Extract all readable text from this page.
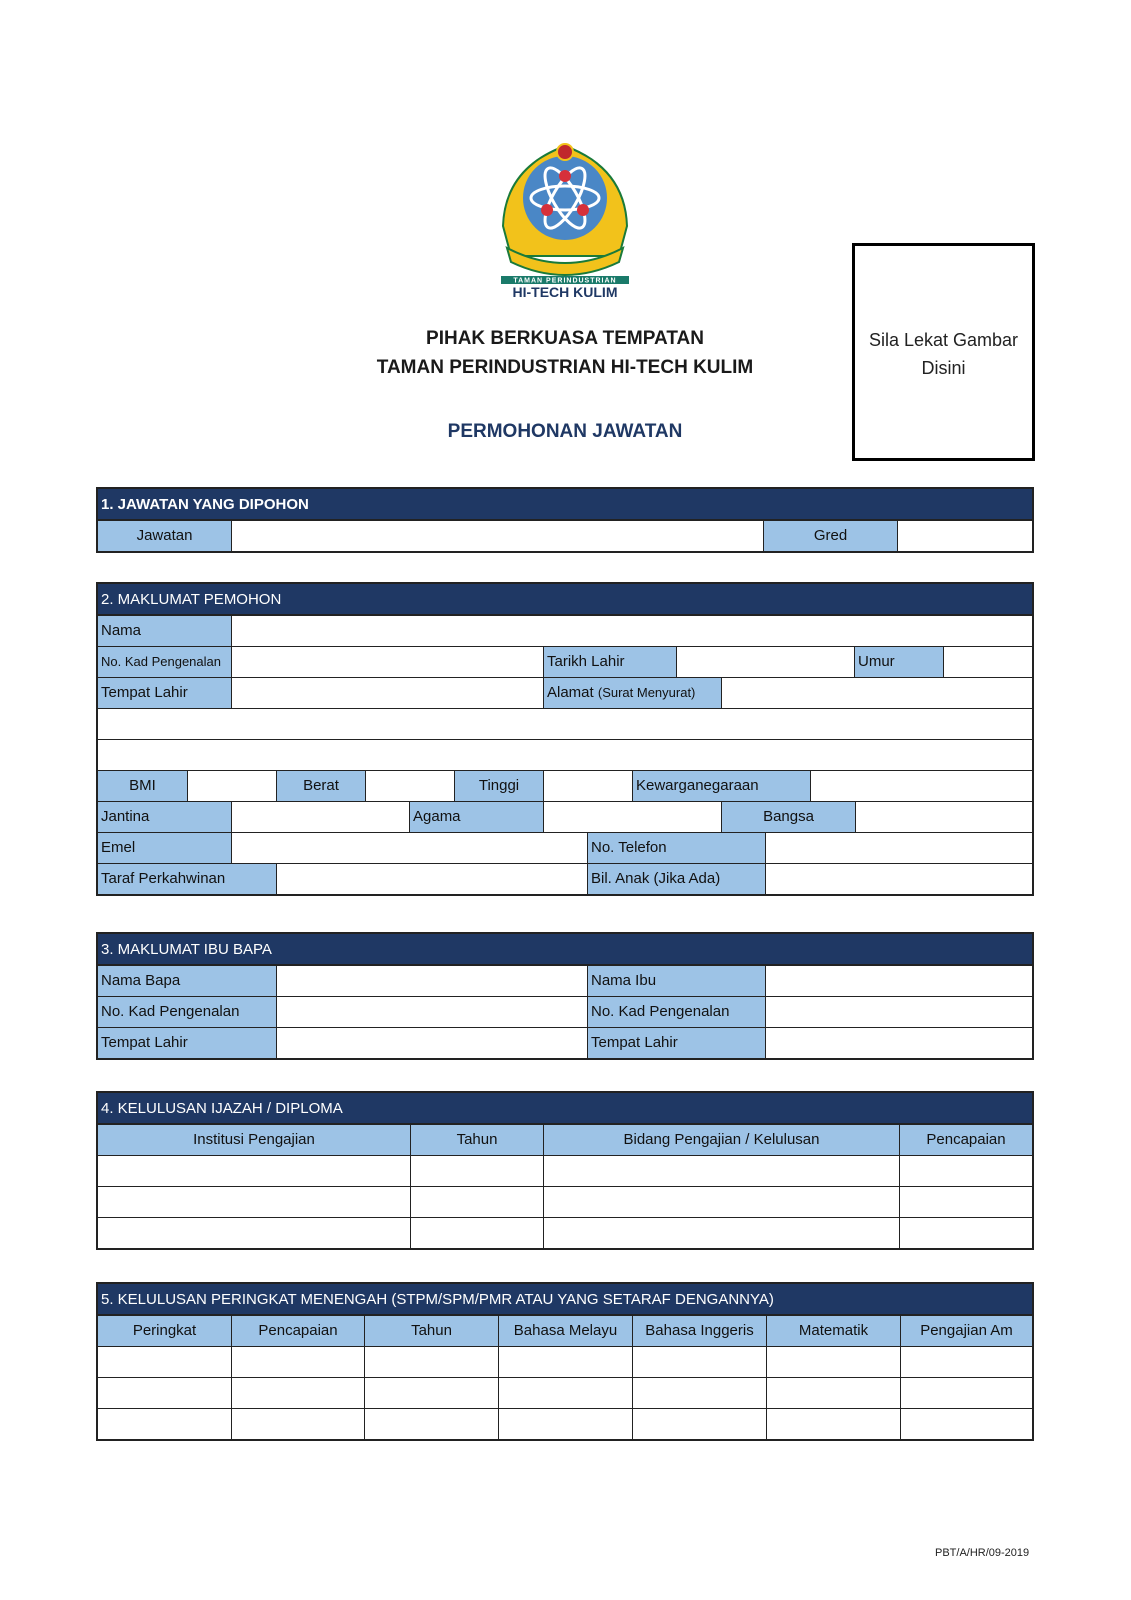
TAMAN PERINDUSTRIAN
HI-TECH KULIM
PIHAK BERKUASA TEMPATAN
TAMAN PERINDUSTRIAN HI-TECH KULIM
PERMOHONAN JAWATAN
Sila Lekat Gambar
Disini
1. JAWATAN YANG DIPOHON
Jawatan	Gred
2. MAKLUMAT PEMOHON
Nama
No. Kad Pengenalan	Tarikh Lahir	Umur
Tempat Lahir	Alamat (Surat Menyurat)
BMI	Berat	Tinggi	Kewarganegaraan
Jantina	Agama	Bangsa
Emel	No. Telefon
Taraf Perkahwinan	Bil. Anak (Jika Ada)
3. MAKLUMAT IBU BAPA
Nama Bapa	Nama Ibu
No. Kad Pengenalan	No. Kad Pengenalan
Tempat Lahir	Tempat Lahir
4. KELULUSAN IJAZAH / DIPLOMA
Institusi Pengajian	Tahun	Bidang Pengajian / Kelulusan	Pencapaian
5. KELULUSAN PERINGKAT MENENGAH (STPM/SPM/PMR ATAU YANG SETARAF DENGANNYA)
Peringkat	Pencapaian	Tahun	Bahasa Melayu	Bahasa Inggeris	Matematik	Pengajian Am
PBT/A/HR/09-2019
